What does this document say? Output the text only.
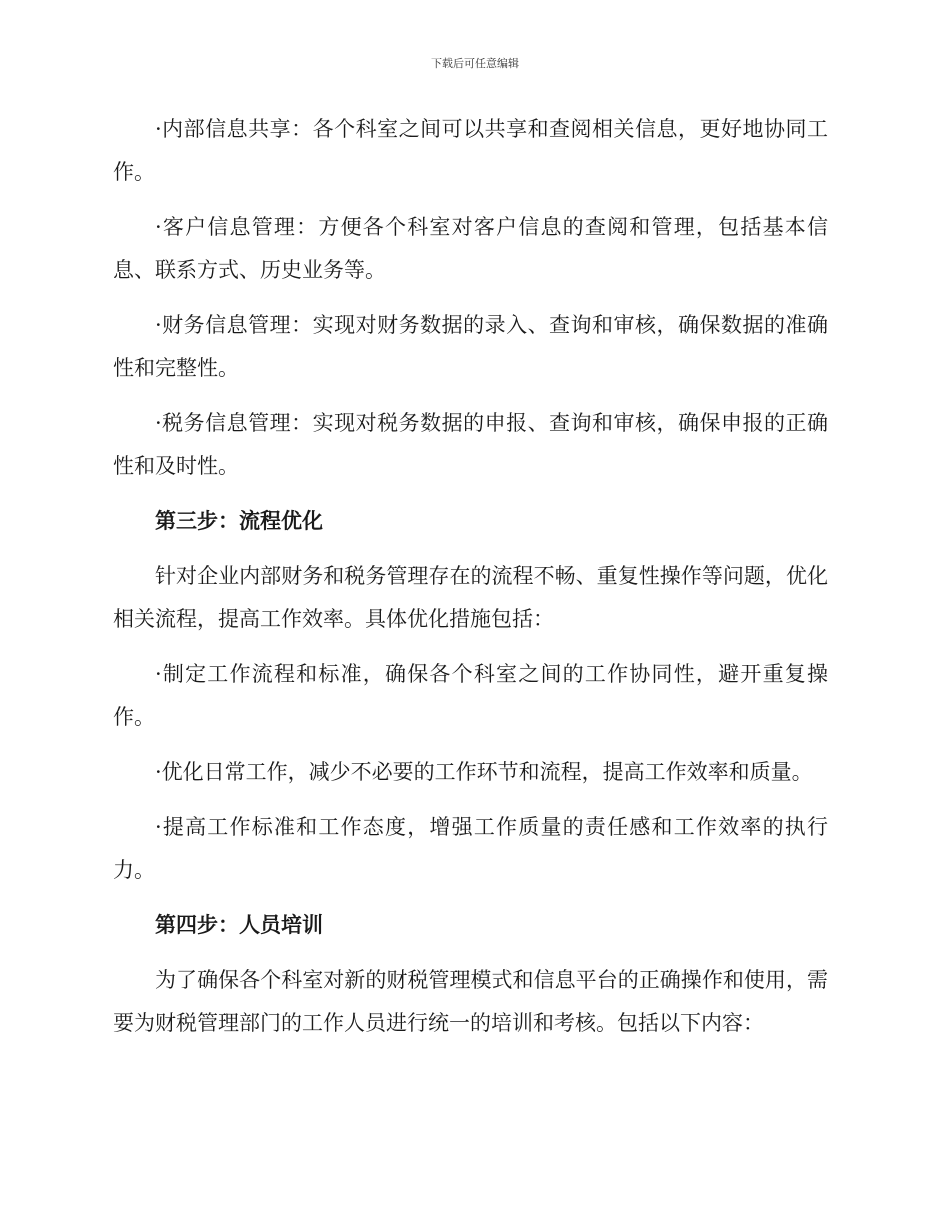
下载后可任意编辑

·内部信息共享：各个科室之间可以共享和查阅相关信息，更好地协同工作。

·客户信息管理：方便各个科室对客户信息的查阅和管理，包括基本信息、联系方式、历史业务等。

·财务信息管理：实现对财务数据的录入、查询和审核，确保数据的准确性和完整性。

·税务信息管理：实现对税务数据的申报、查询和审核，确保申报的正确性和及时性。

第三步：流程优化

针对企业内部财务和税务管理存在的流程不畅、重复性操作等问题，优化相关流程，提高工作效率。具体优化措施包括：

·制定工作流程和标准，确保各个科室之间的工作协同性，避开重复操作。

·优化日常工作，减少不必要的工作环节和流程，提高工作效率和质量。

·提高工作标准和工作态度，增强工作质量的责任感和工作效率的执行力。

第四步：人员培训

为了确保各个科室对新的财税管理模式和信息平台的正确操作和使用，需要为财税管理部门的工作人员进行统一的培训和考核。包括以下内容：
